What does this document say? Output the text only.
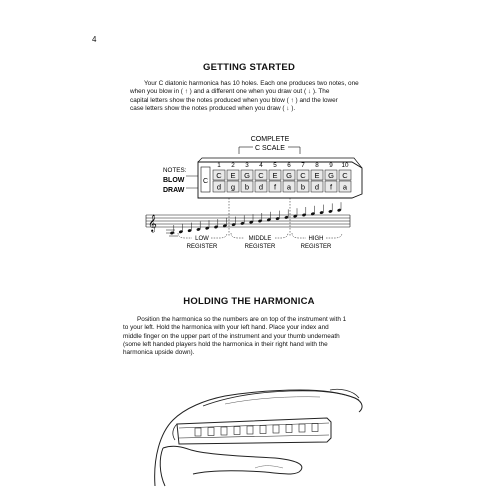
4
GETTING STARTED

Your C diatonic harmonica has 10 holes. Each one produces two notes, one

when you blow in ( ↑ ) and a different one when you draw out ( ↓ ). The

capital letters show the notes produced when you blow ( ↑ ) and the lower

case letters show the notes produced when you draw ( ↓ ).

COMPLETE
C SCALE
NOTES:
BLOW
DRAW
C
1
C
d
2
E
g
3
G
b
4
C
d
5
E
f
6
G
a
7
C
b
8
E
d
9
G
f
10
C
a
𝄞
LOW
REGISTER
MIDDLE
REGISTER
HIGH
REGISTER
HOLDING THE HARMONICA

Position the harmonica so the numbers are on top of the instrument with 1

to your left. Hold the harmonica with your left hand. Place your index and

middle finger on the upper part of the instrument and your thumb underneath

(some left handed players hold the harmonica in their right hand with the

harmonica upside down).
